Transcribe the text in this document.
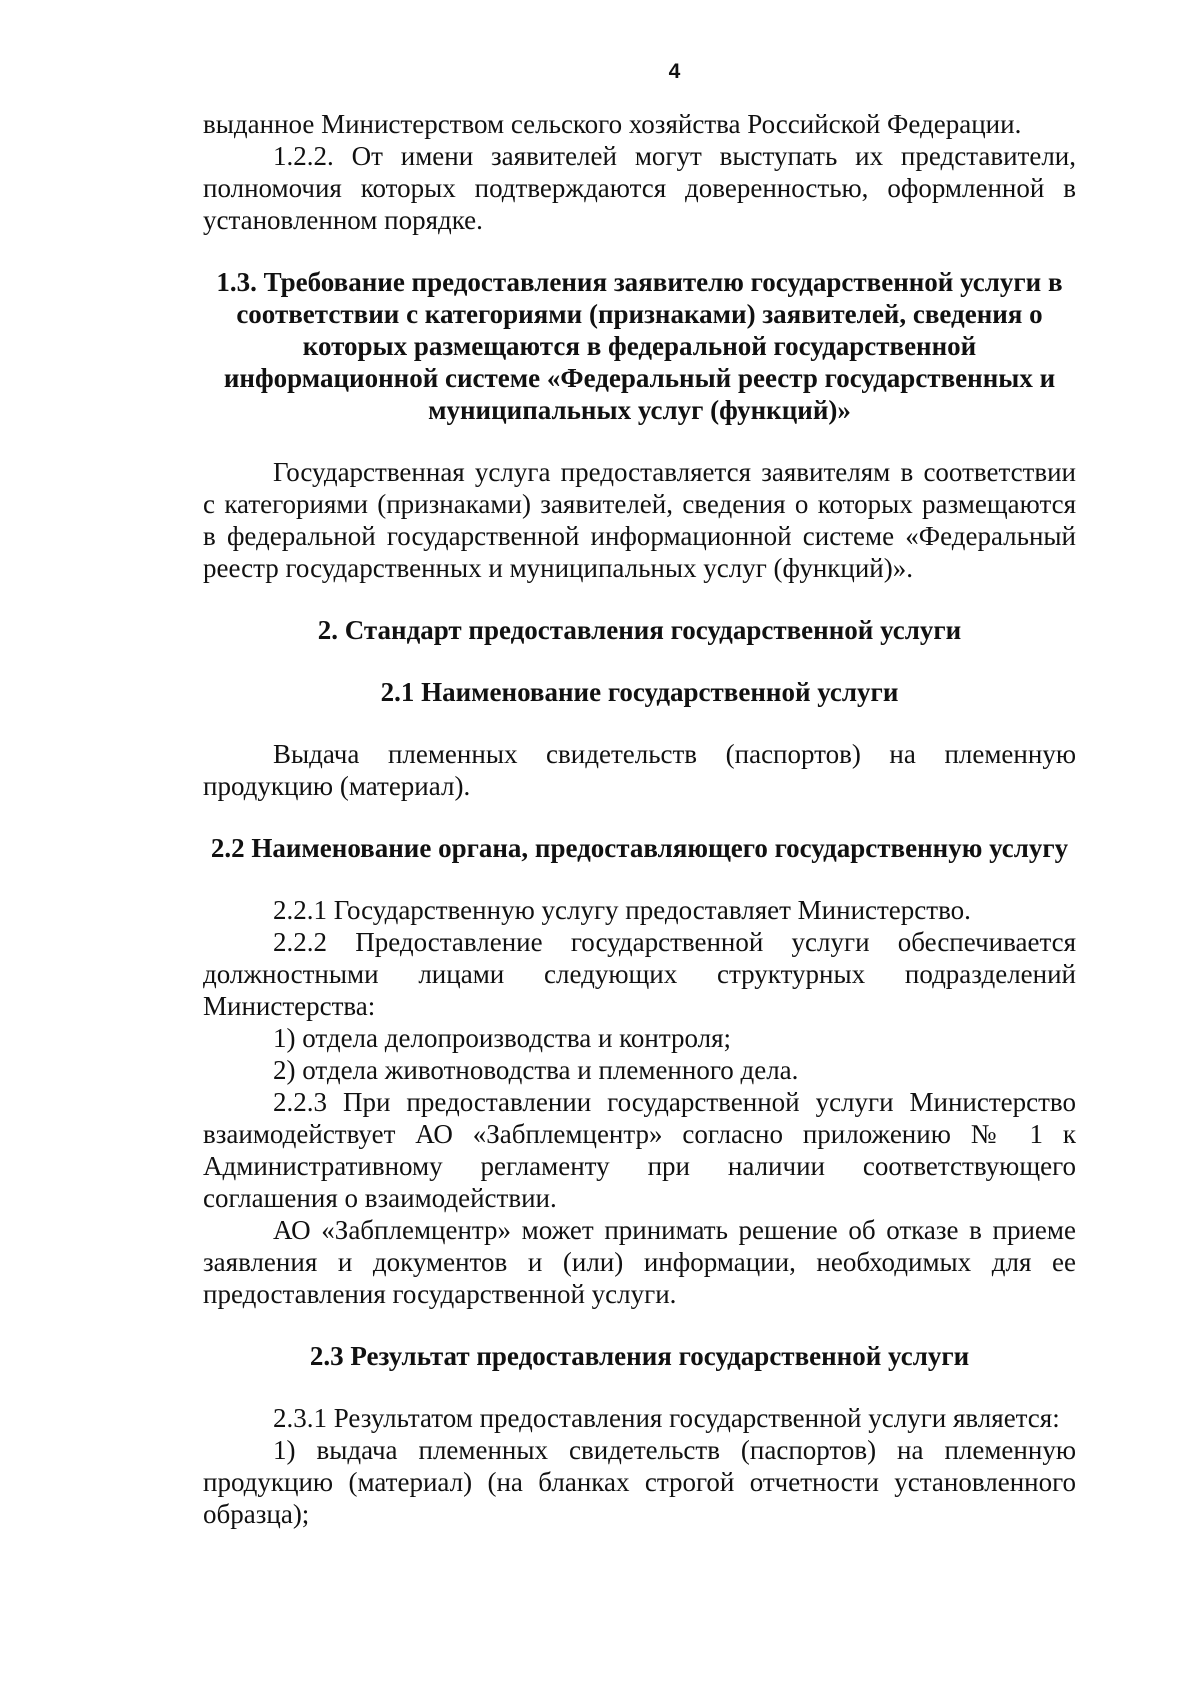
4

выданное Министерством сельского хозяйства Российской Федерации.

1.2.2. От имени заявителей могут выступать их представители, полномочия которых подтверждаются доверенностью, оформленной в установленном порядке.

1.3. Требование предоставления заявителю государственной услуги в соответствии с категориями (признаками) заявителей, сведения о которых размещаются в федеральной государственной информационной системе «Федеральный реестр государственных и муниципальных услуг (функций)»

Государственная услуга предоставляется заявителям в соответствии с категориями (признаками) заявителей, сведения о которых размещаются в федеральной государственной информационной системе «Федеральный реестр государственных и муниципальных услуг (функций)».

2. Стандарт предоставления государственной услуги
2.1 Наименование государственной услуги

Выдача племенных свидетельств (паспортов) на племенную продукцию (материал).

2.2 Наименование органа, предоставляющего государственную услугу

2.2.1 Государственную услугу предоставляет Министерство.

2.2.2 Предоставление государственной услуги обеспечивается должностными лицами следующих структурных подразделений Министерства:

1) отдела делопроизводства и контроля;

2) отдела животноводства и племенного дела.

2.2.3 При предоставлении государственной услуги Министерство взаимодействует АО «Забплемцентр» согласно приложению № 1 к Административному регламенту при наличии соответствующего соглашения о взаимодействии.

АО «Забплемцентр» может принимать решение об отказе в приеме заявления и документов и (или) информации, необходимых для ее предоставления государственной услуги.

2.3 Результат предоставления государственной услуги

2.3.1 Результатом предоставления государственной услуги является:

1) выдача племенных свидетельств (паспортов) на племенную продукцию (материал) (на бланках строгой отчетности установленного образца);
